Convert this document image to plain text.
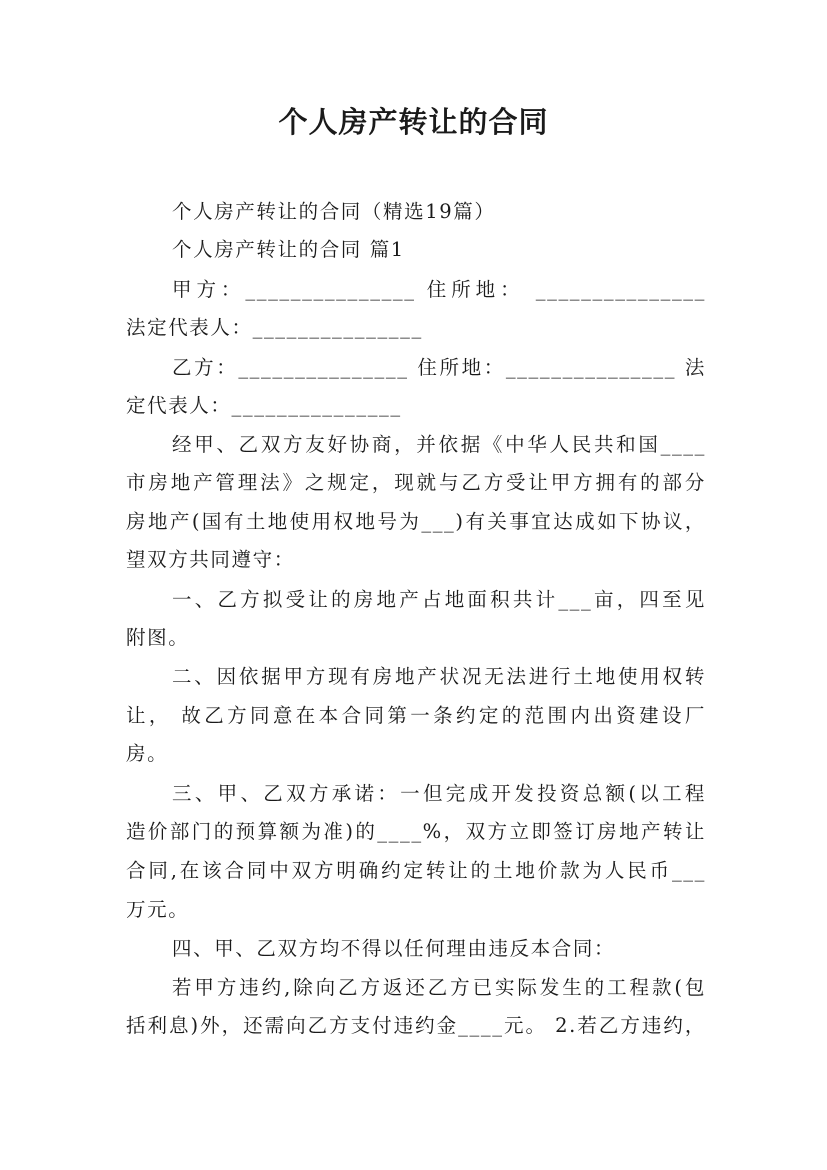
个人房产转让的合同
个人房产转让的合同（精选19篇）
个人房产转让的合同 篇1
甲方：_______________ 住所地： _______________
法定代表人：_______________
乙方：_______________ 住所地：_______________ 法
定代表人：_______________
经甲、乙双方友好协商，并依据《中华人民共和国____
市房地产管理法》之规定，现就与乙方受让甲方拥有的部分
房地产(国有土地使用权地号为___)有关事宜达成如下协议，
望双方共同遵守：
一、乙方拟受让的房地产占地面积共计___亩，四至见
附图。
二、因依据甲方现有房地产状况无法进行土地使用权转
让， 故乙方同意在本合同第一条约定的范围内出资建设厂
房。
三、甲、乙双方承诺：一但完成开发投资总额(以工程
造价部门的预算额为准)的____%，双方立即签订房地产转让
合同,在该合同中双方明确约定转让的土地价款为人民币___
万元。
四、甲、乙双方均不得以任何理由违反本合同：
若甲方违约,除向乙方返还乙方已实际发生的工程款(包
括利息)外，还需向乙方支付违约金____元。 2.若乙方违约，
